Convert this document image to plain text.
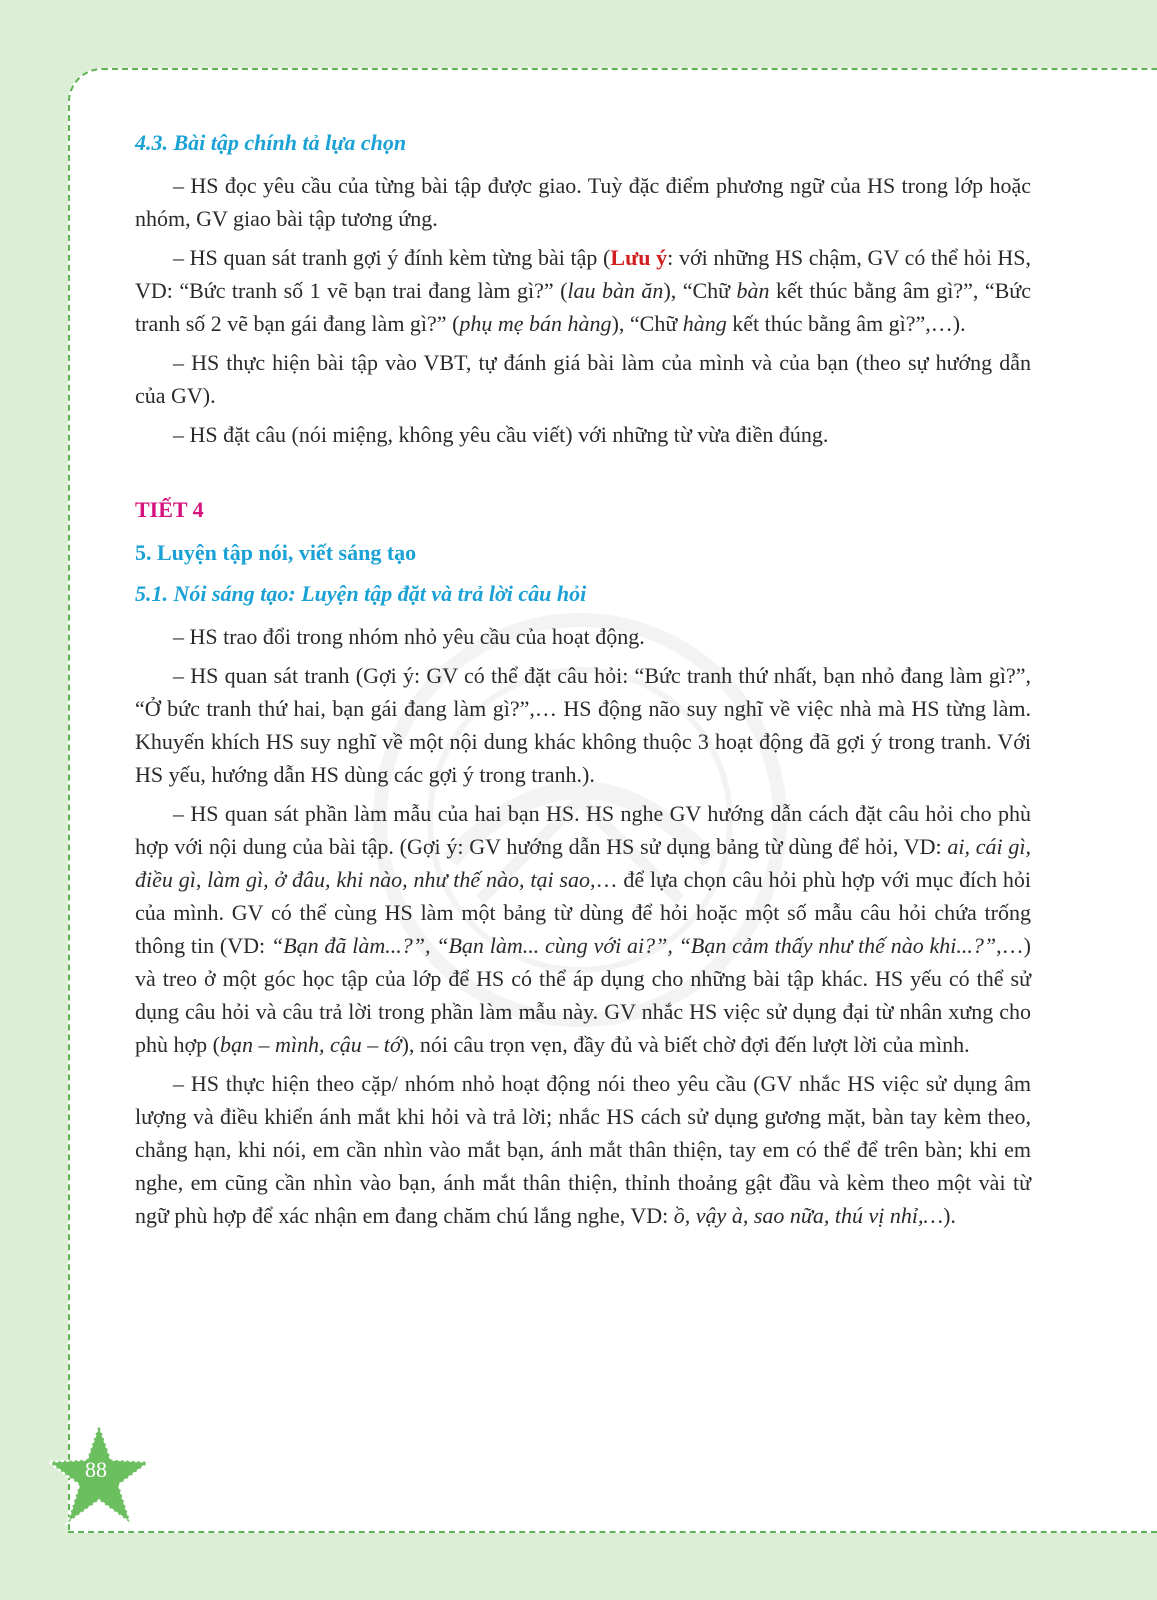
4.3. Bài tập chính tả lựa chọn

– HS đọc yêu cầu của từng bài tập được giao. Tuỳ đặc điểm phương ngữ của HS trong lớp hoặc nhóm, GV giao bài tập tương ứng.

– HS quan sát tranh gợi ý đính kèm từng bài tập (Lưu ý: với những HS chậm, GV có thể hỏi HS, VD: “Bức tranh số 1 vẽ bạn trai đang làm gì?” (lau bàn ăn), “Chữ bàn kết thúc bằng âm gì?”, “Bức tranh số 2 vẽ bạn gái đang làm gì?” (phụ mẹ bán hàng), “Chữ hàng kết thúc bằng âm gì?”,…).

– HS thực hiện bài tập vào VBT, tự đánh giá bài làm của mình và của bạn (theo sự hướng dẫn của GV).

– HS đặt câu (nói miệng, không yêu cầu viết) với những từ vừa điền đúng.

TIẾT 4
5. Luyện tập nói, viết sáng tạo
5.1. Nói sáng tạo: Luyện tập đặt và trả lời câu hỏi

– HS trao đổi trong nhóm nhỏ yêu cầu của hoạt động.

– HS quan sát tranh (Gợi ý: GV có thể đặt câu hỏi: “Bức tranh thứ nhất, bạn nhỏ đang làm gì?”, “Ở bức tranh thứ hai, bạn gái đang làm gì?”,… HS động não suy nghĩ về việc nhà mà HS từng làm. Khuyến khích HS suy nghĩ về một nội dung khác không thuộc 3 hoạt động đã gợi ý trong tranh. Với HS yếu, hướng dẫn HS dùng các gợi ý trong tranh.).

– HS quan sát phần làm mẫu của hai bạn HS. HS nghe GV hướng dẫn cách đặt câu hỏi cho phù hợp với nội dung của bài tập. (Gợi ý: GV hướng dẫn HS sử dụng bảng từ dùng để hỏi, VD: ai, cái gì, điều gì, làm gì, ở đâu, khi nào, như thế nào, tại sao,… để lựa chọn câu hỏi phù hợp với mục đích hỏi của mình. GV có thể cùng HS làm một bảng từ dùng để hỏi hoặc một số mẫu câu hỏi chứa trống thông tin (VD: “Bạn đã làm...?”, “Bạn làm... cùng với ai?”, “Bạn cảm thấy như thế nào khi...?”,…) và treo ở một góc học tập của lớp để HS có thể áp dụng cho những bài tập khác. HS yếu có thể sử dụng câu hỏi và câu trả lời trong phần làm mẫu này. GV nhắc HS việc sử dụng đại từ nhân xưng cho phù hợp (bạn – mình, cậu – tớ), nói câu trọn vẹn, đầy đủ và biết chờ đợi đến lượt lời của mình.

– HS thực hiện theo cặp/ nhóm nhỏ hoạt động nói theo yêu cầu (GV nhắc HS việc sử dụng âm lượng và điều khiển ánh mắt khi hỏi và trả lời; nhắc HS cách sử dụng gương mặt, bàn tay kèm theo, chẳng hạn, khi nói, em cần nhìn vào mắt bạn, ánh mắt thân thiện, tay em có thể để trên bàn; khi em nghe, em cũng cần nhìn vào bạn, ánh mắt thân thiện, thỉnh thoảng gật đầu và kèm theo một vài từ ngữ phù hợp để xác nhận em đang chăm chú lắng nghe, VD: ồ, vậy à, sao nữa, thú vị nhỉ,…).

88
